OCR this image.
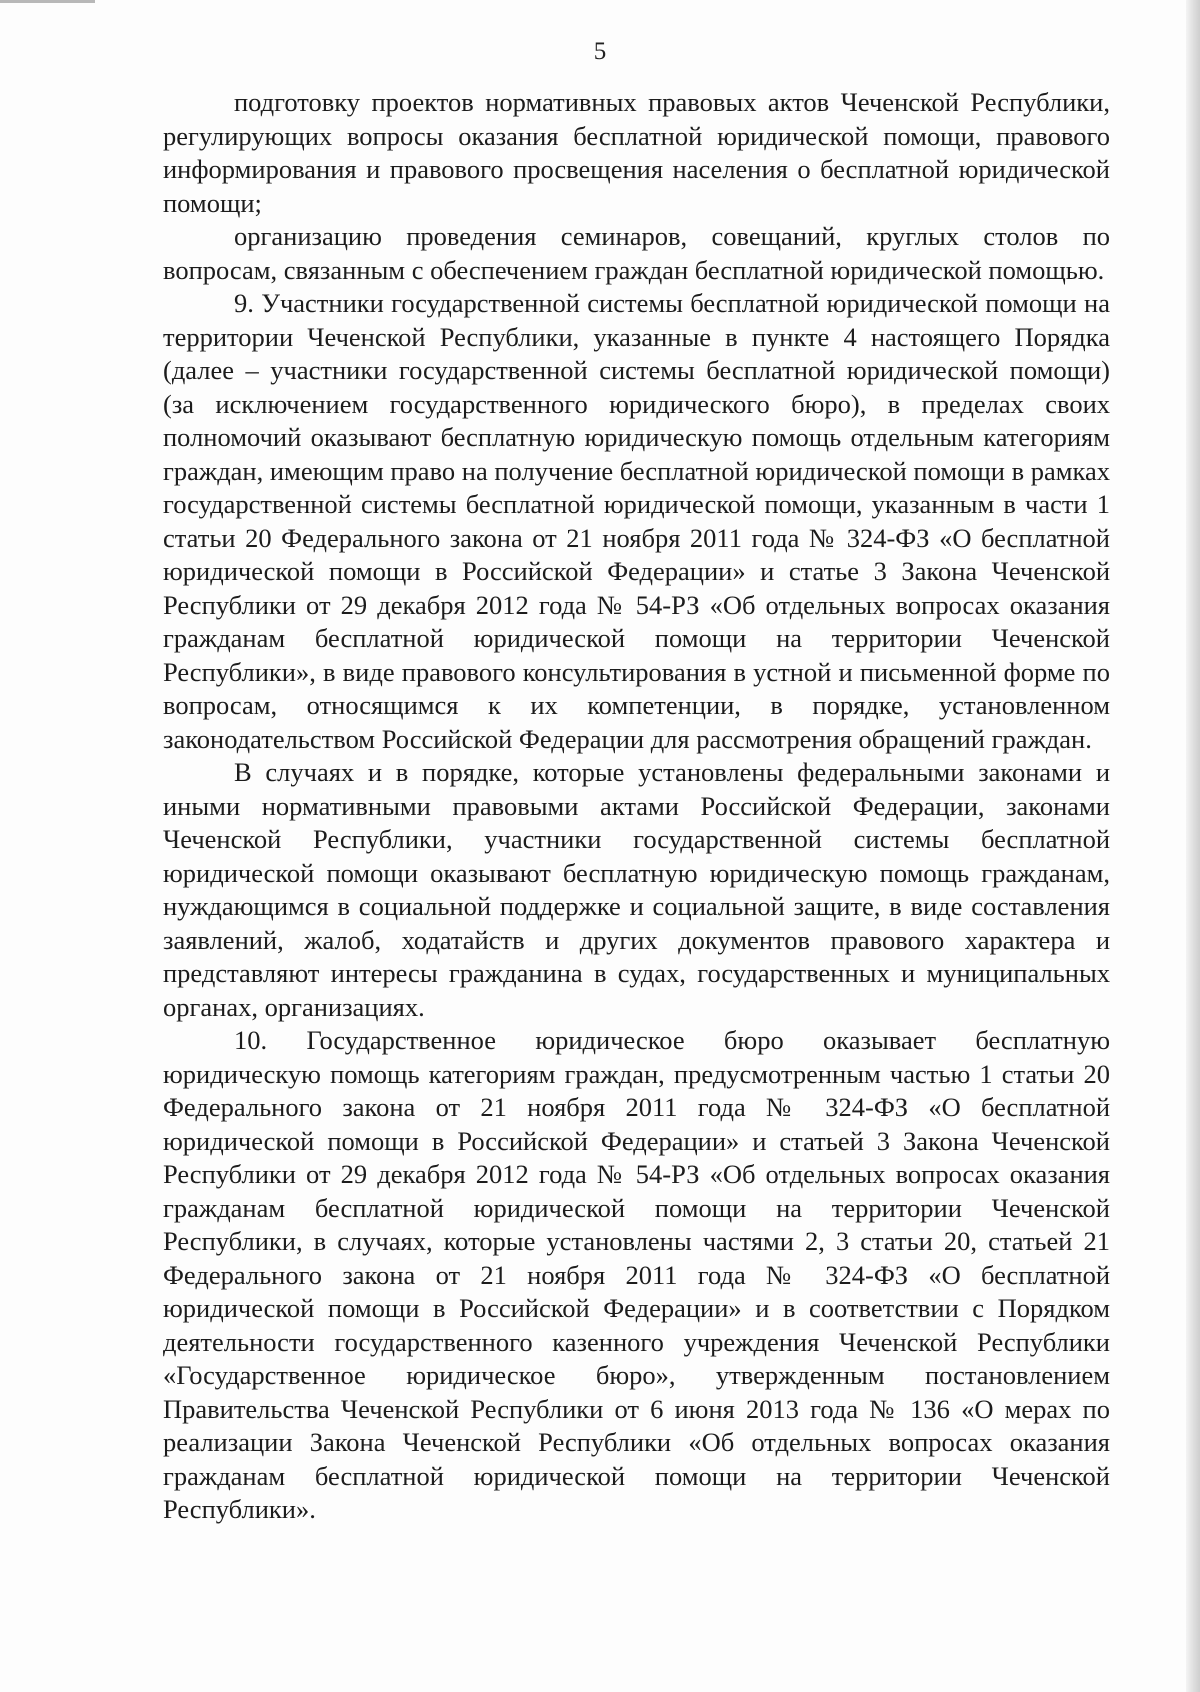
5

подготовку проектов нормативных правовых актов Чеченской Республики, регулирующих вопросы оказания бесплатной юридической помощи, правового информирования и правового просвещения населения о бесплатной юридической помощи;

организацию проведения семинаров, совещаний, круглых столов по вопросам, связанным с обеспечением граждан бесплатной юридической помощью.

9. Участники государственной системы бесплатной юридической помощи на территории Чеченской Республики, указанные в пункте 4 настоящего Порядка (далее – участники государственной системы бесплатной юридической помощи) (за исключением государственного юридического бюро), в пределах своих полномочий оказывают бесплатную юридическую помощь отдельным категориям граждан, имеющим право на получение бесплатной юридической помощи в рамках государственной системы бесплатной юридической помощи, указанным в части 1 статьи 20 Федерального закона от 21 ноября 2011 года № 324-ФЗ «О бесплатной юридической помощи в Российской Федерации» и статье 3 Закона Чеченской Республики от 29 декабря 2012 года № 54-РЗ «Об отдельных вопросах оказания гражданам бесплатной юридической помощи на территории Чеченской Республики», в виде правового консультирования в устной и письменной форме по вопросам, относящимся к их компетенции, в порядке, установленном законодательством Российской Федерации для рассмотрения обращений граждан.

В случаях и в порядке, которые установлены федеральными законами и иными нормативными правовыми актами Российской Федерации, законами Чеченской Республики, участники государственной системы бесплатной юридической помощи оказывают бесплатную юридическую помощь гражданам, нуждающимся в социальной поддержке и социальной защите, в виде составления заявлений, жалоб, ходатайств и других документов правового характера и представляют интересы гражданина в судах, государственных и муниципальных органах, организациях.

10. Государственное юридическое бюро оказывает бесплатную юридическую помощь категориям граждан, предусмотренным частью 1 статьи 20 Федерального закона от 21 ноября 2011 года № 324-ФЗ «О бесплатной юридической помощи в Российской Федерации» и статьей 3 Закона Чеченской Республики от 29 декабря 2012 года № 54-РЗ «Об отдельных вопросах оказания гражданам бесплатной юридической помощи на территории Чеченской Республики, в случаях, которые установлены частями 2, 3 статьи 20, статьей 21 Федерального закона от 21 ноября 2011 года № 324-ФЗ «О бесплатной юридической помощи в Российской Федерации» и в соответствии с Порядком деятельности государственного казенного учреждения Чеченской Республики «Государственное юридическое бюро», утвержденным постановлением Правительства Чеченской Республики от 6 июня 2013 года № 136 «О мерах по реализации Закона Чеченской Республики «Об отдельных вопросах оказания гражданам бесплатной юридической помощи на территории Чеченской Республики».
